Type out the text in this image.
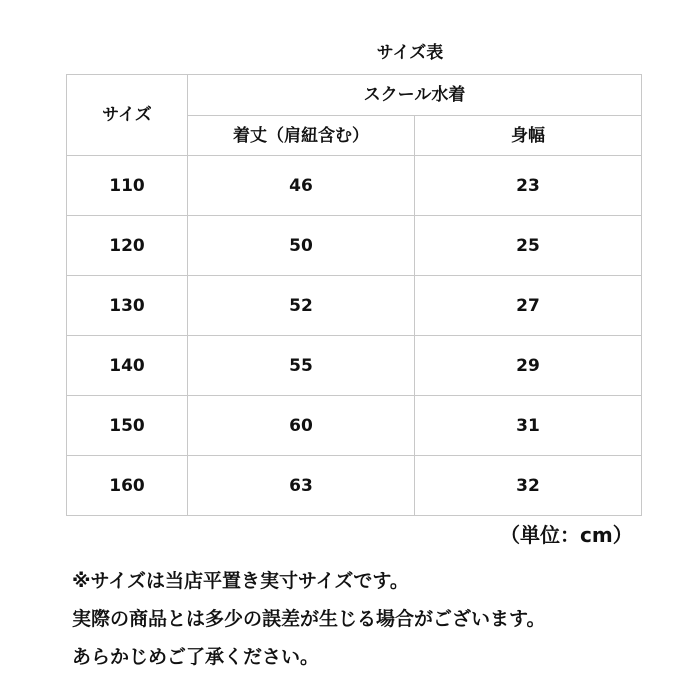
サイズ表
サイズ	スクール水着	
	着丈（肩紐含む）	身幅
110	46	23
120	50	25
130	52	27
140	55	29
150	60	31
160	63	32
（単位：cm）
※サイズは当店平置き実寸サイズです。
実際の商品とは多少の誤差が生じる場合がございます。
あらかじめご了承ください。
